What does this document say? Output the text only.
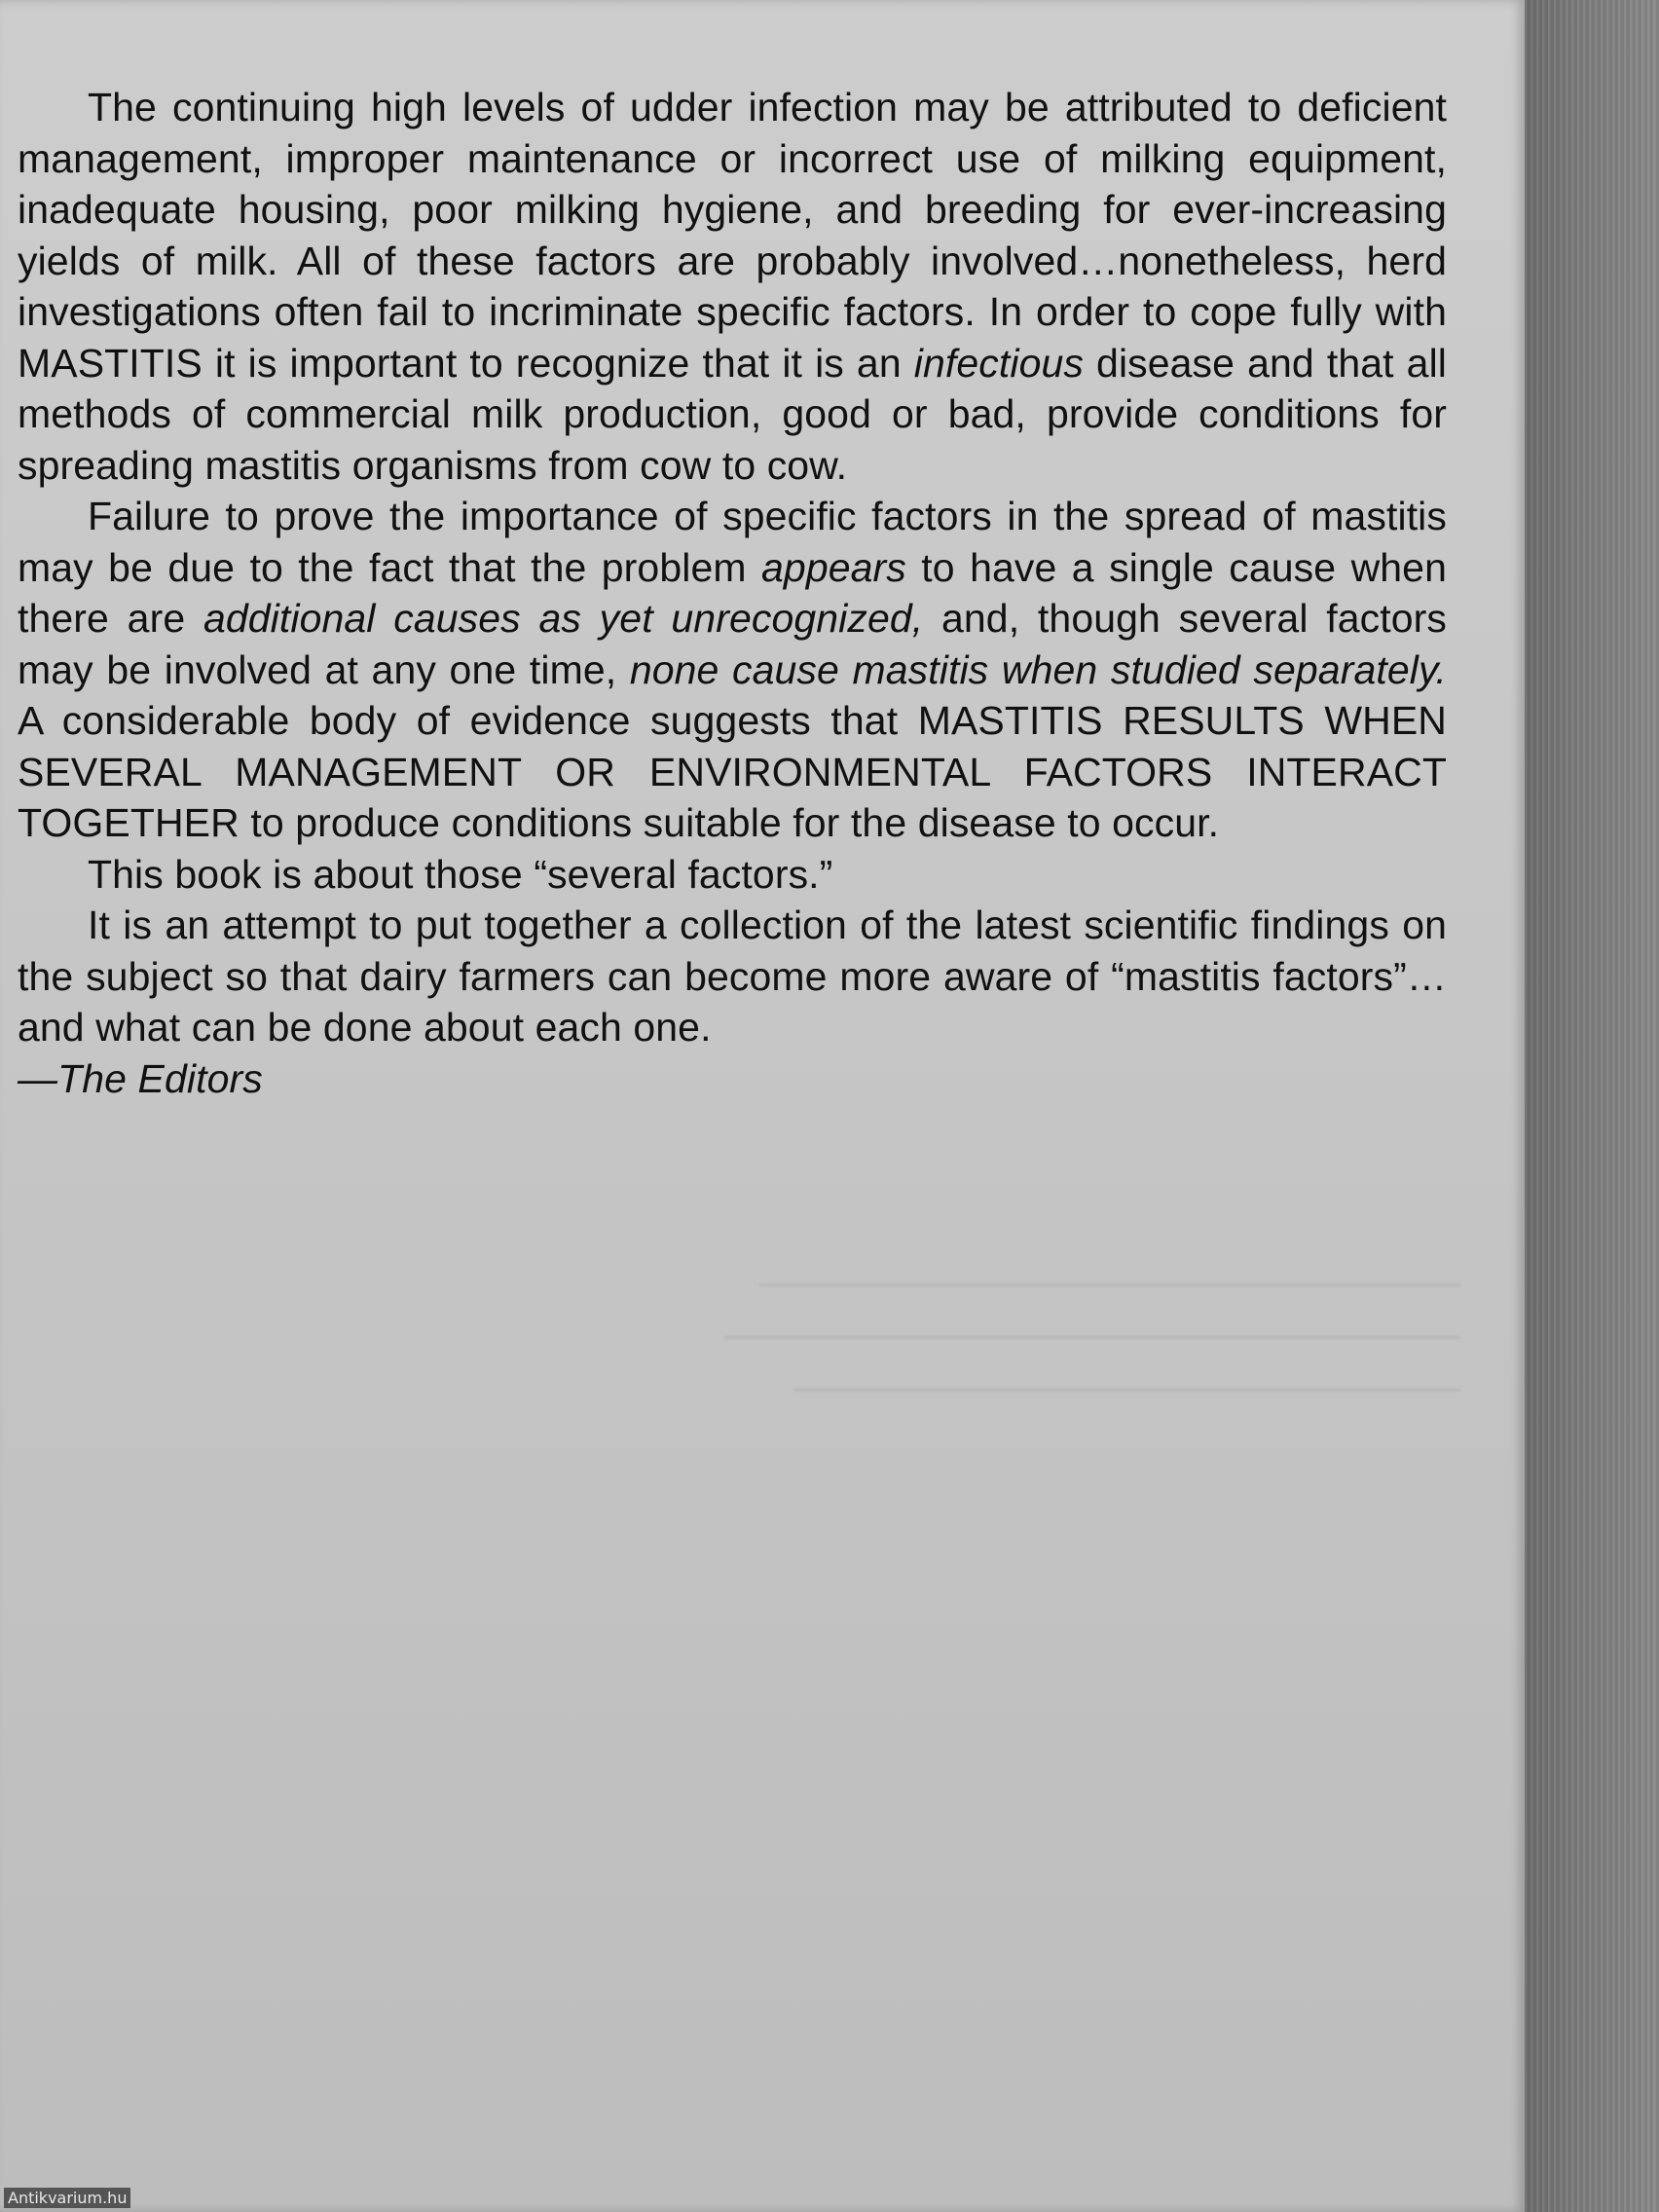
————————————————————

—————————————————————

———————————————————

The continuing high levels of udder infection may be attributed to deficient management, improper maintenance or incorrect use of milking equipment, inadequate housing, poor milking hygiene, and breeding for ever-increasing yields of milk. All of these factors are probably involved…nonetheless, herd investigations often fail to incriminate specific factors. In order to cope fully with MASTITIS it is important to recognize that it is an infectious disease and that all methods of commercial milk production, good or bad, provide conditions for spreading mastitis organisms from cow to cow.

Failure to prove the importance of specific factors in the spread of mastitis may be due to the fact that the problem appears to have a single cause when there are additional causes as yet unrecognized, and, though several factors may be involved at any one time, none cause mastitis when studied separately. A considerable body of evidence suggests that MASTITIS RESULTS WHEN SEVERAL MANAGEMENT OR ENVIRONMENTAL FACTORS INTERACT TOGETHER to produce conditions suitable for the disease to occur.

This book is about those “several factors.”

It is an attempt to put together a collection of the latest scientific findings on the subject so that dairy farmers can become more aware of “mastitis factors”…and what can be done about each one.

—The Editors

Antikvarium.hu
